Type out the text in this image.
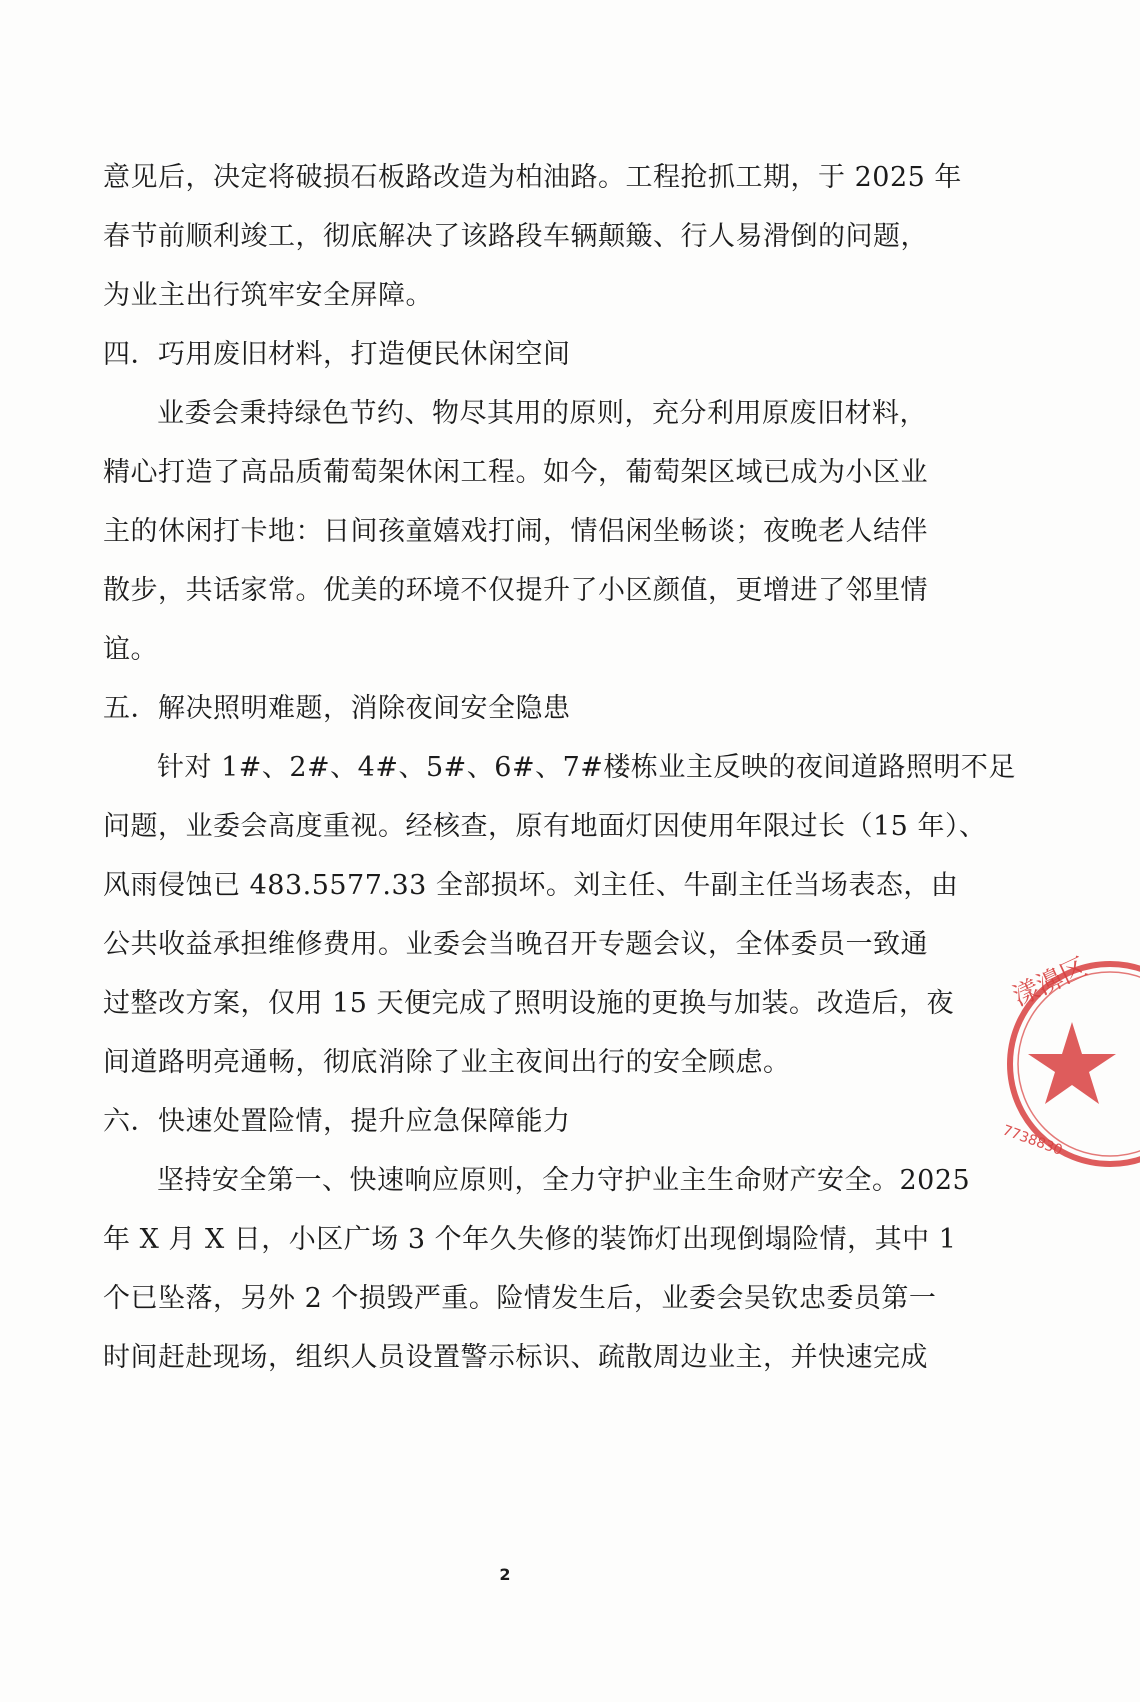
意见后，决定将破损石板路改造为柏油路。工程抢抓工期，于 2025 年
春节前顺利竣工，彻底解决了该路段车辆颠簸、行人易滑倒的问题，
为业主出行筑牢安全屏障。
四．巧用废旧材料，打造便民休闲空间
业委会秉持绿色节约、物尽其用的原则，充分利用原废旧材料，
精心打造了高品质葡萄架休闲工程。如今，葡萄架区域已成为小区业
主的休闲打卡地：日间孩童嬉戏打闹，情侣闲坐畅谈；夜晚老人结伴
散步，共话家常。优美的环境不仅提升了小区颜值，更增进了邻里情
谊。
五．解决照明难题，消除夜间安全隐患
针对 1#、2#、4#、5#、6#、7#楼栋业主反映的夜间道路照明不足
问题，业委会高度重视。经核查，原有地面灯因使用年限过长（15 年）、
风雨侵蚀已 483.5577.33 全部损坏。刘主任、牛副主任当场表态，由
公共收益承担维修费用。业委会当晚召开专题会议，全体委员一致通
过整改方案，仅用 15 天便完成了照明设施的更换与加装。改造后，夜
间道路明亮通畅，彻底消除了业主夜间出行的安全顾虑。
六．快速处置险情，提升应急保障能力
坚持安全第一、快速响应原则，全力守护业主生命财产安全。2025
年 X 月 X 日，小区广场 3 个年久失修的装饰灯出现倒塌险情，其中 1
个已坠落，另外 2 个损毁严重。险情发生后，业委会吴钦忠委员第一
时间赶赴现场，组织人员设置警示标识、疏散周边业主，并快速完成
2
漾濞区
7738830
